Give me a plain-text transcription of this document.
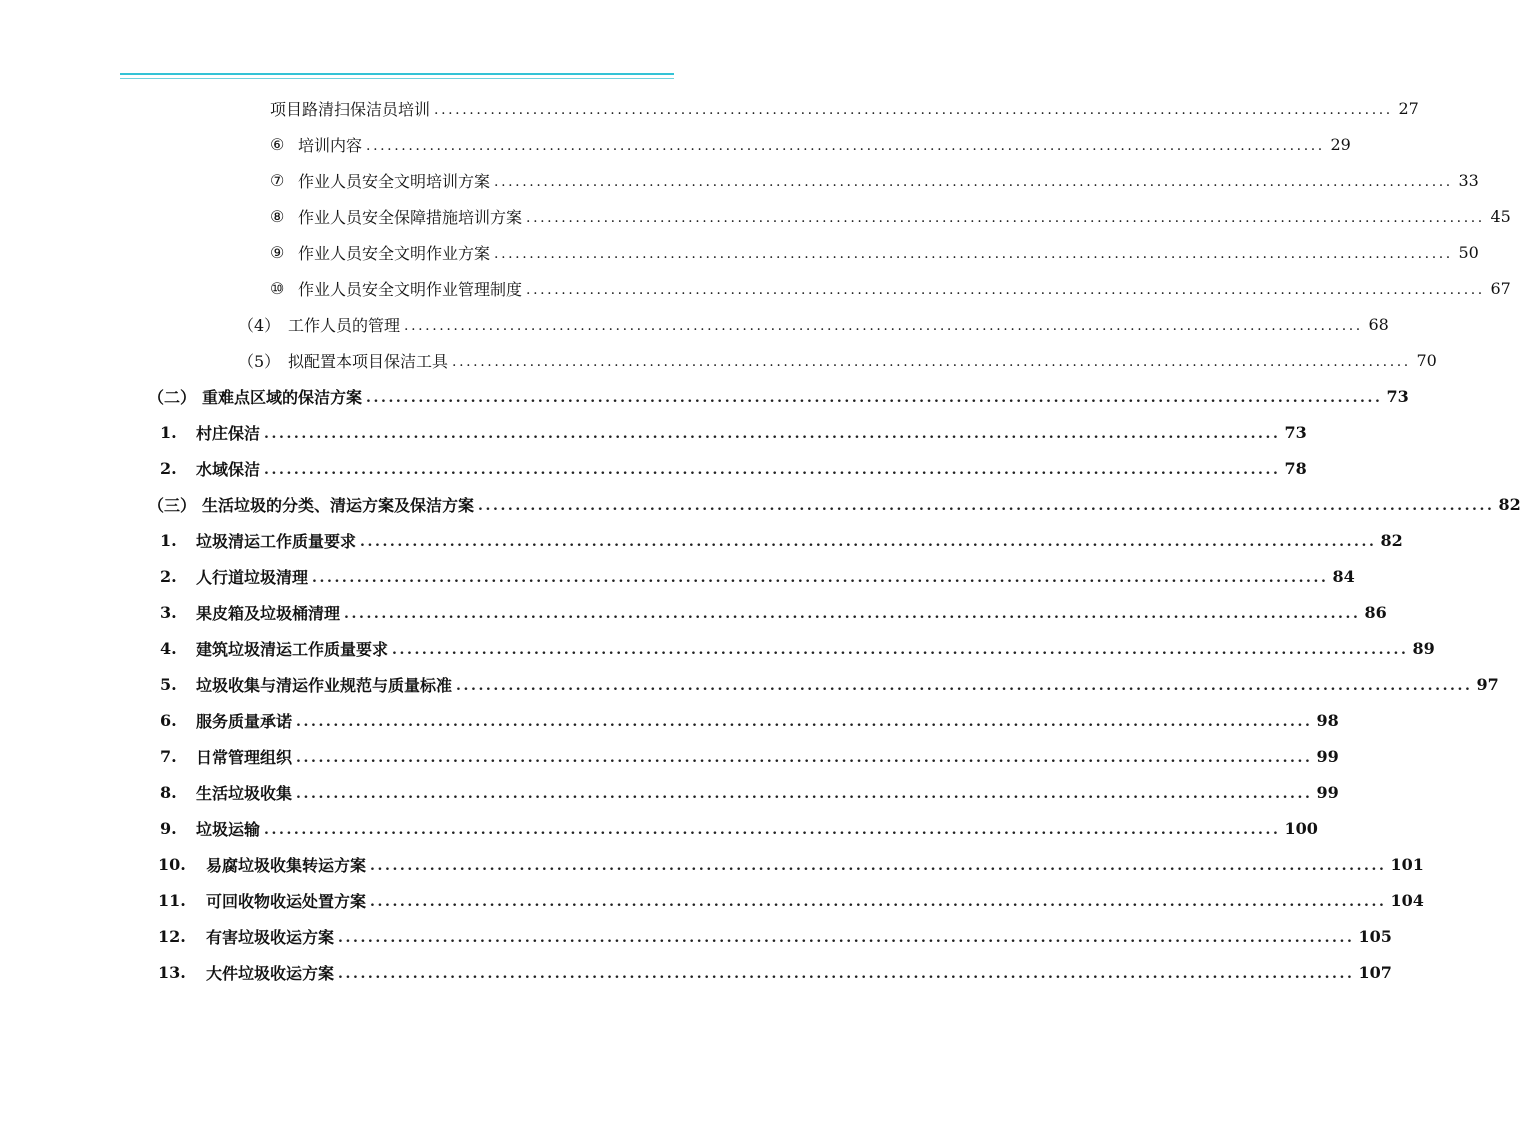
项目路清扫保洁员培训 ........................................................................................................................................ 27
⑥ 培训内容 ........................................................................................................................................ 29
⑦ 作业人员安全文明培训方案 ........................................................................................................................................ 33
⑧ 作业人员安全保障措施培训方案 ........................................................................................................................................ 45
⑨ 作业人员安全文明作业方案 ........................................................................................................................................ 50
⑩ 作业人员安全文明作业管理制度 ........................................................................................................................................ 67
（4） 工作人员的管理 ........................................................................................................................................ 68
（5） 拟配置本项目保洁工具 ........................................................................................................................................ 70
（二） 重难点区域的保洁方案 ........................................................................................................................................ 73
1.	村庄保洁 ........................................................................................................................................ 73
2.	水域保洁 ........................................................................................................................................ 78
（三） 生活垃圾的分类、清运方案及保洁方案 ........................................................................................................................................ 82
1.	垃圾清运工作质量要求 ........................................................................................................................................ 82
2.	人行道垃圾清理 ........................................................................................................................................ 84
3.	果皮箱及垃圾桶清理 ........................................................................................................................................ 86
4.	建筑垃圾清运工作质量要求 ........................................................................................................................................ 89
5.	垃圾收集与清运作业规范与质量标准 ........................................................................................................................................ 97
6.	服务质量承诺 ........................................................................................................................................ 98
7.	日常管理组织 ........................................................................................................................................ 99
8.	生活垃圾收集 ........................................................................................................................................ 99
9.	垃圾运输 ........................................................................................................................................ 100
10.	易腐垃圾收集转运方案 ........................................................................................................................................ 101
11.	可回收物收运处置方案 ........................................................................................................................................ 104
12.	有害垃圾收运方案 ........................................................................................................................................ 105
13.	大件垃圾收运方案 ........................................................................................................................................ 107
